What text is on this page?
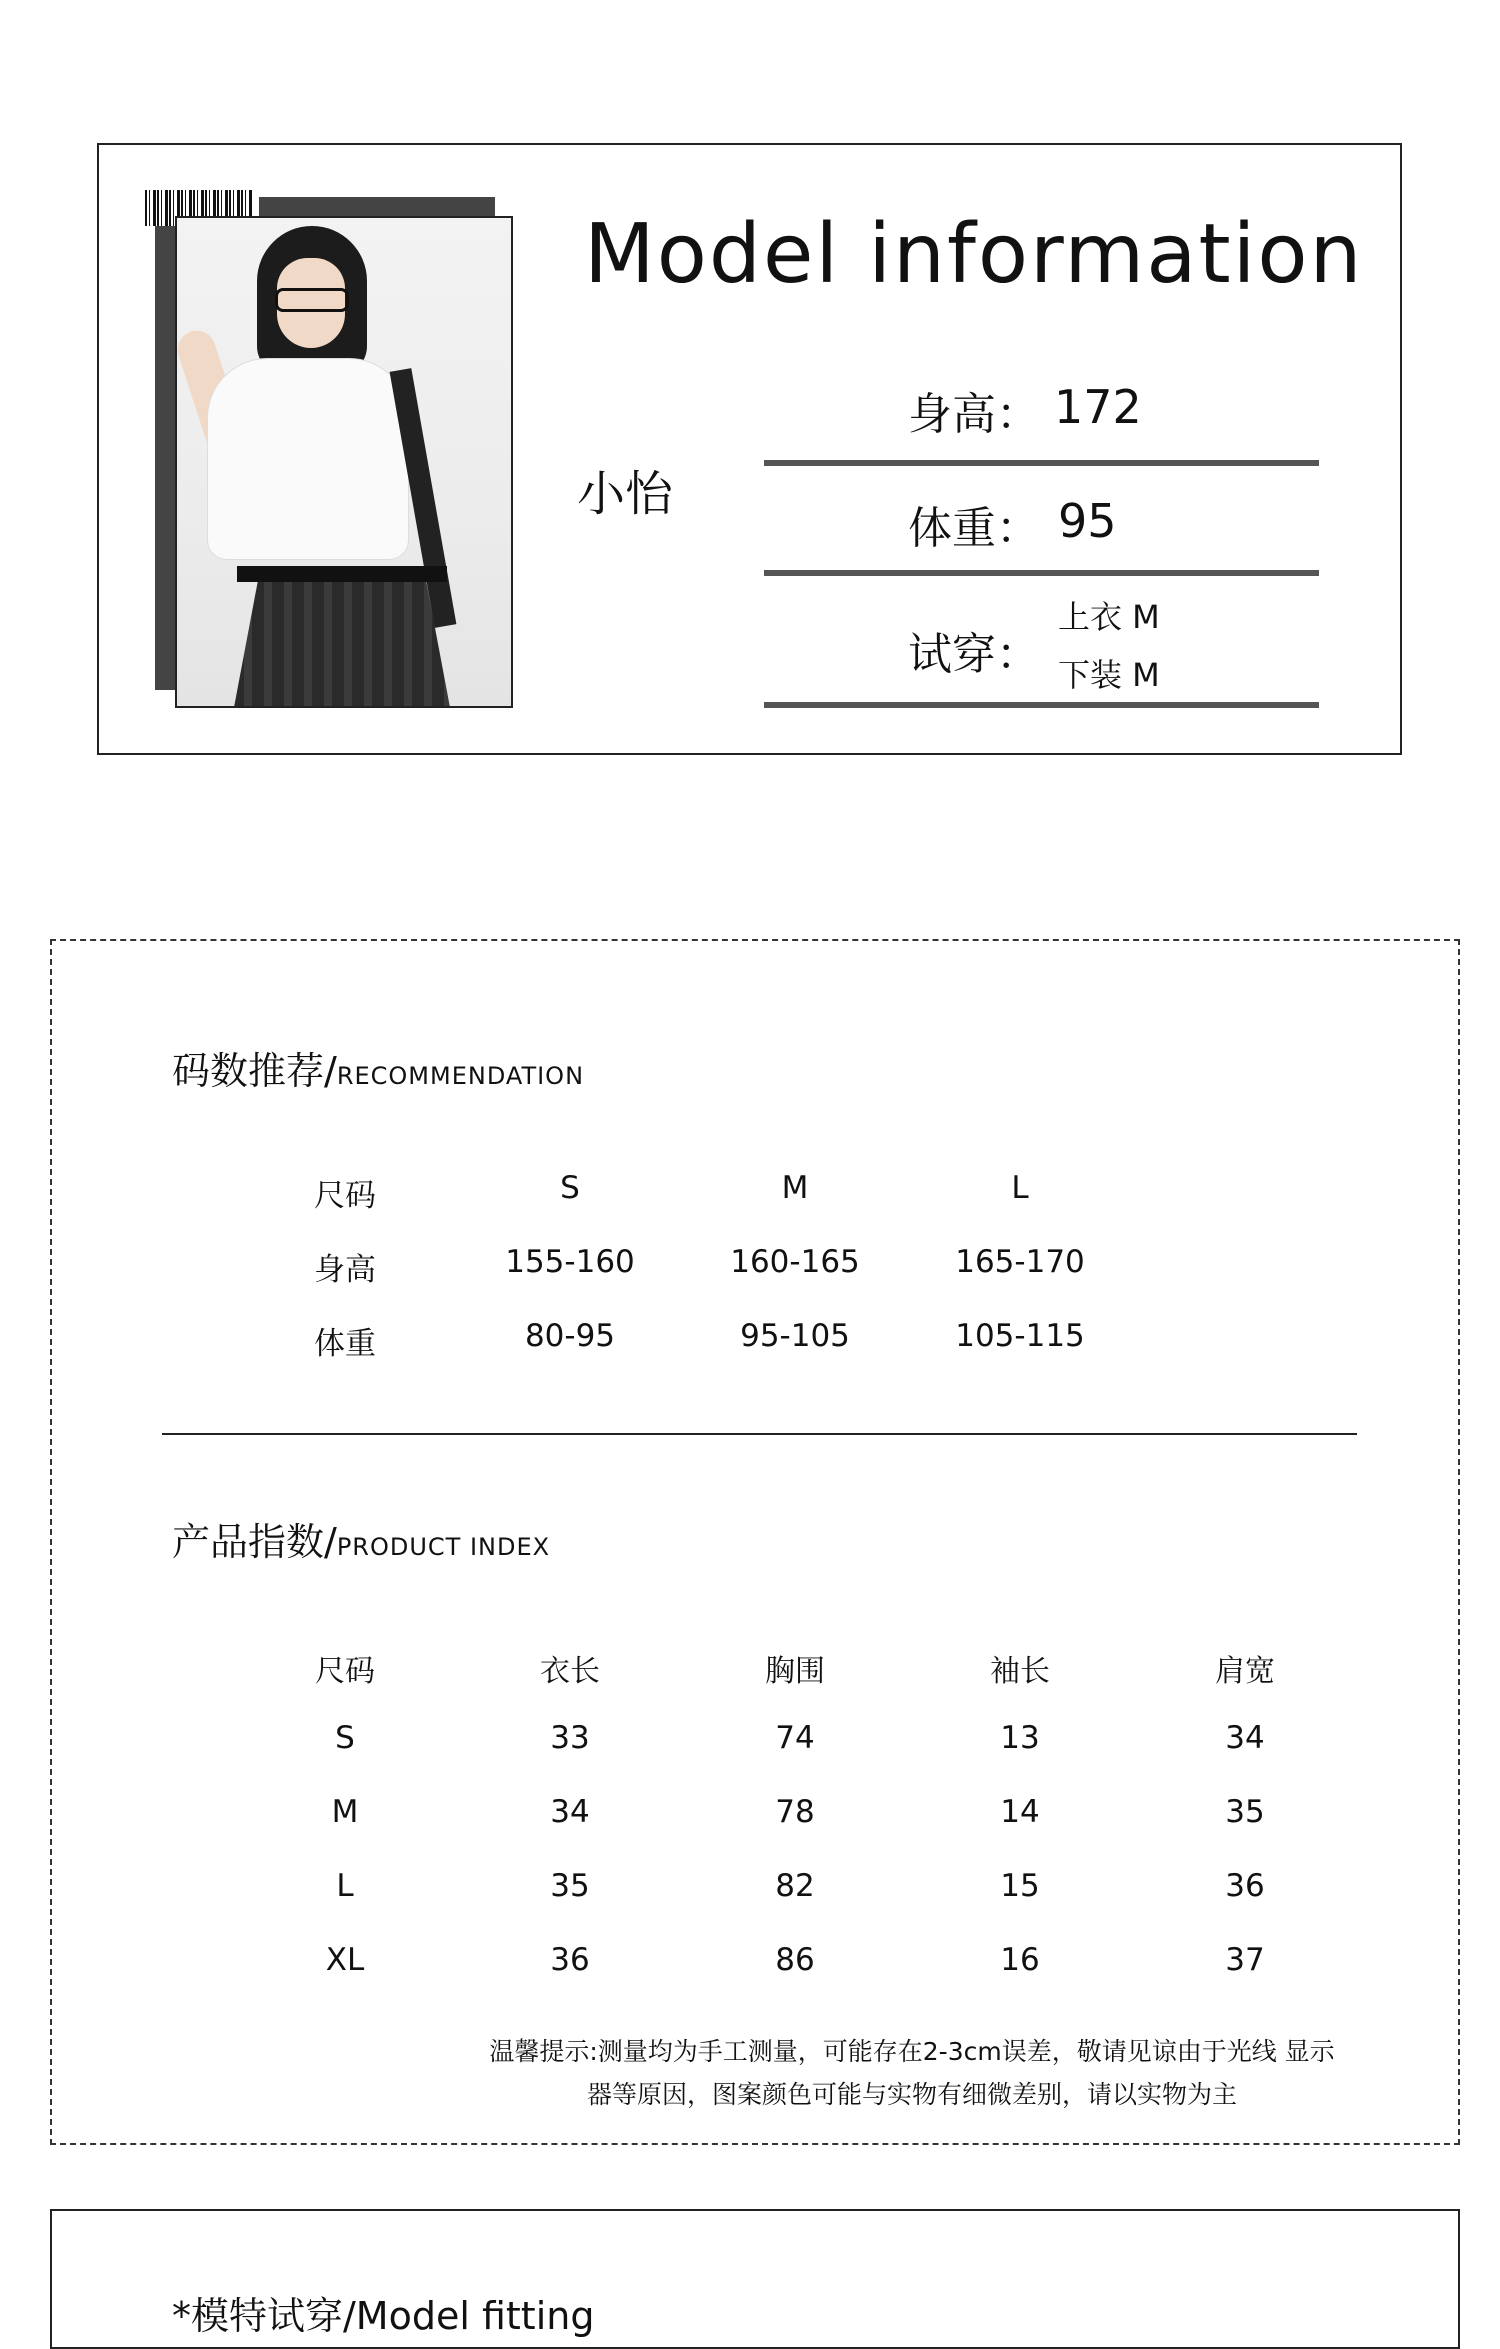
Model information
小怡
身高： 172
体重： 95
试穿：
上衣 M
下装 M
码数推荐/RECOMMENDATION
尺码	S	M	L
身高	155-160	160-165	165-170
体重	80-95	95-105	105-115
产品指数/PRODUCT INDEX
尺码	衣长	胸围	袖长	肩宽
S	33	74	13	34
M	34	78	14	35
L	35	82	15	36
XL	36	86	16	37
温馨提示:测量均为手工测量，可能存在2-3cm误差，敬请见谅由于光线 显示
器等原因，图案颜色可能与实物有细微差别，请以实物为主
*模特试穿/Model fitting
